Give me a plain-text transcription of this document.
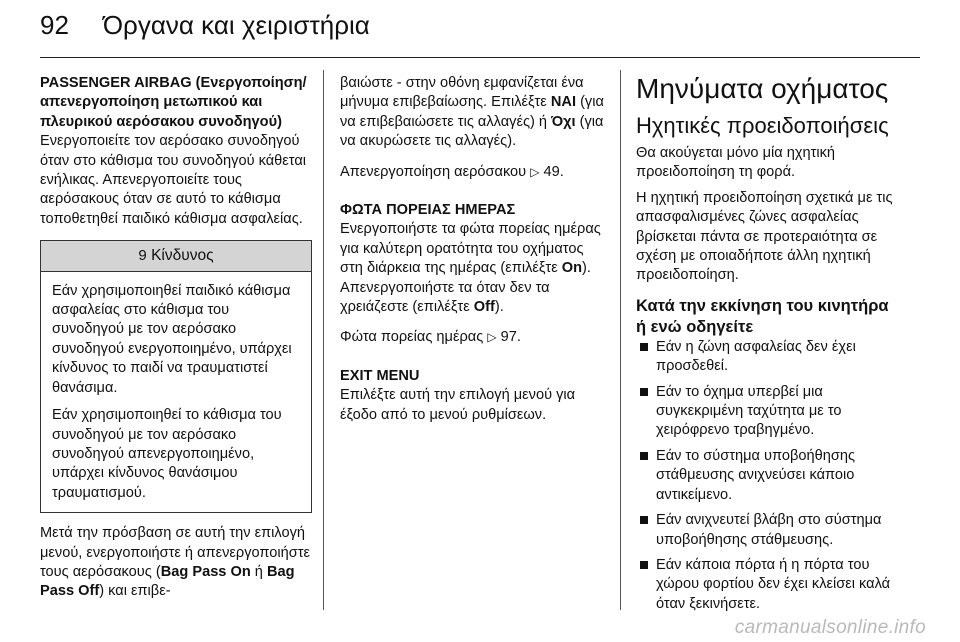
92 Όργανα και χειριστήρια

PASSENGER AIRBAG (Ενεργοποίηση/απενεργοποίηση μετωπικού και πλευρικού αερόσακου συνοδηγού)

Ενεργοποιείτε τον αερόσακο συνοδηγού όταν στο κάθισμα του συνοδηγού κάθεται ενήλικας. Απενεργοποιείτε τους αερόσακους όταν σε αυτό το κάθισμα τοποθετηθεί παιδικό κάθισμα ασφαλείας.

9 Κίνδυνος

Εάν χρησιμοποιηθεί παιδικό κάθισμα ασφαλείας στο κάθισμα του συνοδηγού με τον αερόσακο συνοδηγού ενεργοποιημένο, υπάρχει κίνδυνος το παιδί να τραυματιστεί θανάσιμα.

Εάν χρησιμοποιηθεί το κάθισμα του συνοδηγού με τον αερόσακο συνοδηγού απενεργοποιημένο, υπάρχει κίνδυνος θανάσιμου τραυματισμού.

Μετά την πρόσβαση σε αυτή την επιλογή μενού, ενεργοποιήστε ή απενεργοποιήστε τους αερόσακους (Bag Pass On ή Bag Pass Off) και επιβε-

βαιώστε - στην οθόνη εμφανίζεται ένα μήνυμα επιβεβαίωσης. Επιλέξτε ΝΑΙ (για να επιβεβαιώσετε τις αλλαγές) ή Όχι (για να ακυρώσετε τις αλλαγές).

Απενεργοποίηση αερόσακου ▷ 49.

ΦΩΤΑ ΠΟΡΕΙΑΣ ΗΜΕΡΑΣ

Ενεργοποιήστε τα φώτα πορείας ημέρας για καλύτερη ορατότητα του οχήματος στη διάρκεια της ημέρας (επιλέξτε On). Απενεργοποιήστε τα όταν δεν τα χρειάζεστε (επιλέξτε Off).

Φώτα πορείας ημέρας ▷ 97.

EXIT MENU

Επιλέξτε αυτή την επιλογή μενού για έξοδο από το μενού ρυθμίσεων.

Μηνύματα οχήματος

Ηχητικές προειδοποιήσεις

Θα ακούγεται μόνο μία ηχητική προειδοποίηση τη φορά.

Η ηχητική προειδοποίηση σχετικά με τις απασφαλισμένες ζώνες ασφαλείας βρίσκεται πάντα σε προτεραιότητα σε σχέση με οποιαδήποτε άλλη ηχητική προειδοποίηση.

Κατά την εκκίνηση του κινητήρα ή ενώ οδηγείτε

Εάν η ζώνη ασφαλείας δεν έχει προσδεθεί.
Εάν το όχημα υπερβεί μια συγκεκριμένη ταχύτητα με το χειρόφρενο τραβηγμένο.
Εάν το σύστημα υποβοήθησης στάθμευσης ανιχνεύσει κάποιο αντικείμενο.
Εάν ανιχνευτεί βλάβη στο σύστημα υποβοήθησης στάθμευσης.
Εάν κάποια πόρτα ή η πόρτα του χώρου φορτίου δεν έχει κλείσει καλά όταν ξεκινήσετε.
carmanualsonline.info
